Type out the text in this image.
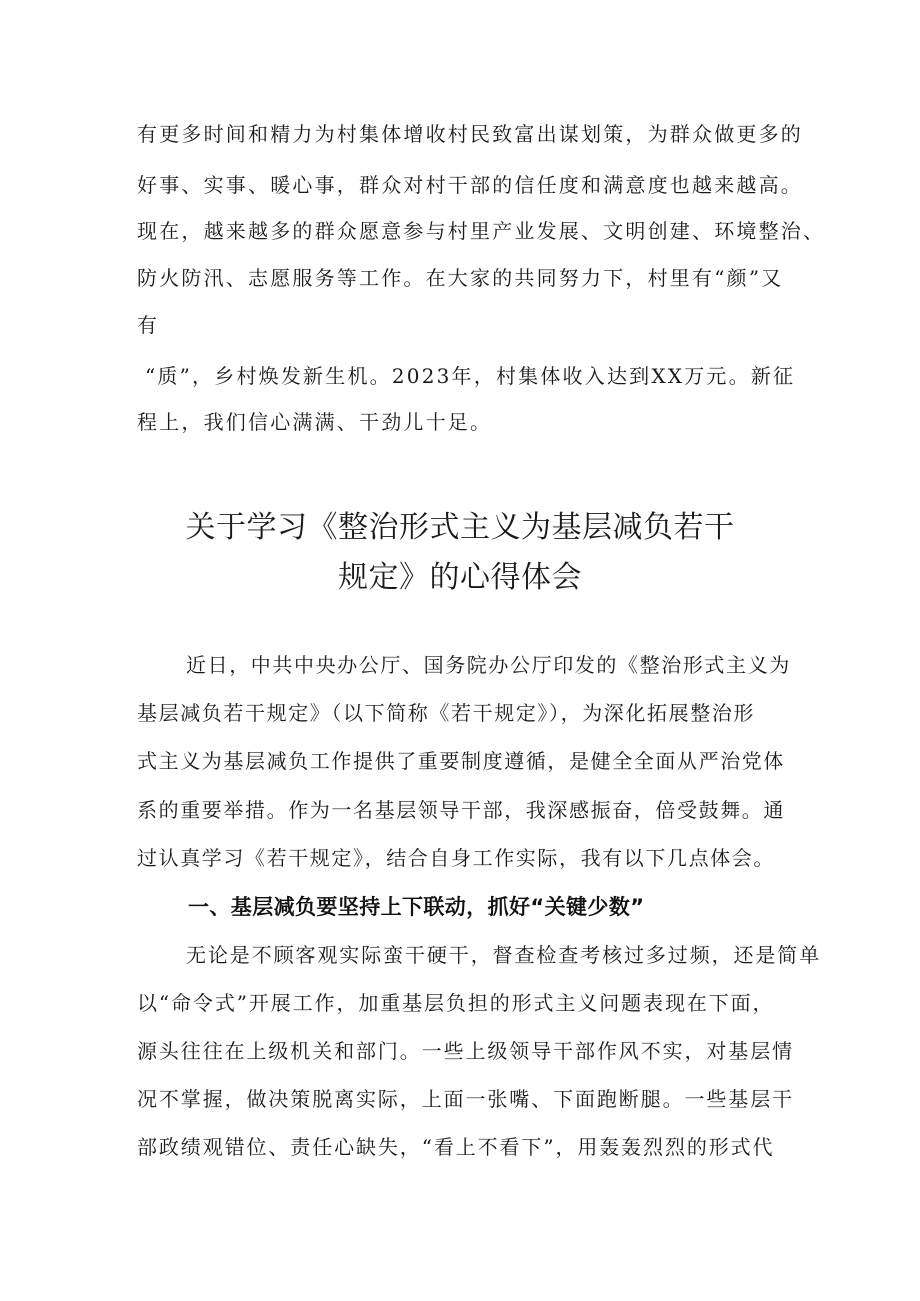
有更多时间和精力为村集体增收村民致富出谋划策，为群众做更多的
好事、实事、暖心事，群众对村干部的信任度和满意度也越来越高。
现在，越来越多的群众愿意参与村里产业发展、文明创建、环境整治、
防火防汛、志愿服务等工作。在大家的共同努力下，村里有“颜”又
有
“质”，乡村焕发新生机。2023年，村集体收入达到XX万元。新征
程上，我们信心满满、干劲儿十足。
关于学习《整治形式主义为基层减负若干
规定》的心得体会
近日，中共中央办公厅、国务院办公厅印发的《整治形式主义为
基层减负若干规定》（以下简称《若干规定》），为深化拓展整治形
式主义为基层减负工作提供了重要制度遵循，是健全全面从严治党体
系的重要举措。作为一名基层领导干部，我深感振奋，倍受鼓舞。通
过认真学习《若干规定》，结合自身工作实际，我有以下几点体会。
一、基层减负要坚持上下联动，抓好“关键少数”
无论是不顾客观实际蛮干硬干，督查检查考核过多过频，还是简单
以“命令式”开展工作，加重基层负担的形式主义问题表现在下面，
源头往往在上级机关和部门。一些上级领导干部作风不实，对基层情
况不掌握，做决策脱离实际，上面一张嘴、下面跑断腿。一些基层干
部政绩观错位、责任心缺失，“看上不看下”，用轰轰烈烈的形式代
